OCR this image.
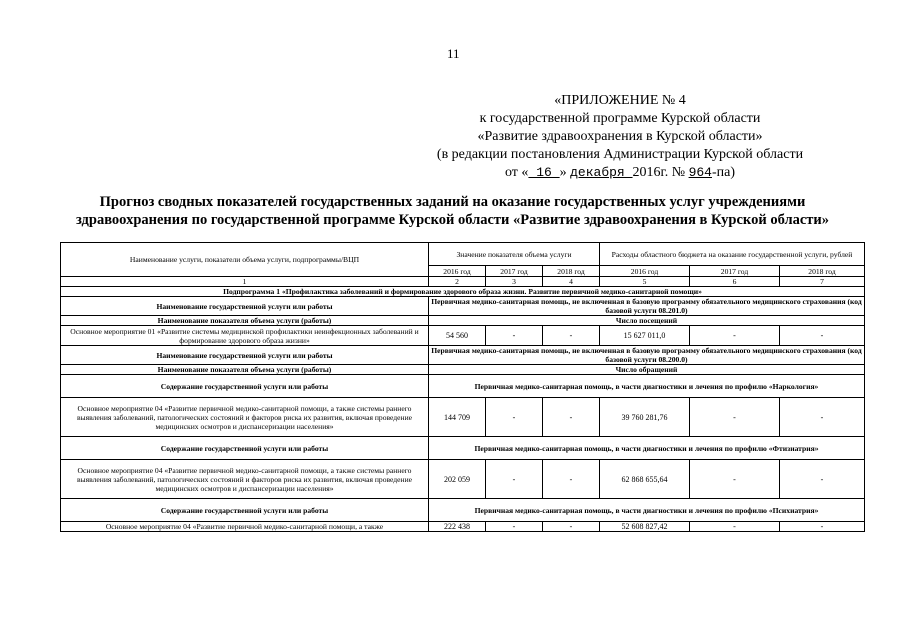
11
«ПРИЛОЖЕНИЕ № 4
к государственной программе Курской области
«Развитие здравоохранения в Курской области»
(в редакции постановления Администрации Курской области
от « 16 » декабря 2016г. № 964-па)
Прогноз сводных показателей государственных заданий на оказание государственных услуг учреждениями
здравоохранения по государственной программе Курской области «Развитие здравоохранения в Курской области»
Наименование услуги, показатели объема услуги, подпрограммы/ВЦП	Значение показателя объема услуги			Расходы областного бюджета на оказание государственной услуги, рублей		
	2016 год	2017 год	2018 год	2016 год	2017 год	2018 год
1	2	3	4	5	6	7
Подпрограмма 1 «Профилактика заболеваний и формирование здорового образа жизни. Развитие первичной медико-санитарной помощи»						
Наименование государственной услуги или работы	Первичная медико-санитарная помощь, не включенная в базовую программу обязательного медицинского страхования (код базовой услуги 08.201.0)					
Наименование показателя объема услуги (работы)	Число посещений					
Основное мероприятие 01 «Развитие системы медицинской профилактики неинфекционных заболеваний и формирование здорового образа жизни»	54 560	-	-	15 627 011,0	-	-
Наименование государственной услуги или работы	Первичная медико-санитарная помощь, не включенная в базовую программу обязательного медицинского страхования (код базовой услуги 08.200.0)					
Наименование показателя объема услуги (работы)	Число обращений					
Содержание государственной услуги или работы	Первичная медико-санитарная помощь, в части диагностики и лечения по профилю «Наркология»					
Основное мероприятие 04 «Развитие первичной медико-санитарной помощи, а также системы раннего выявления заболеваний, патологических состояний и факторов риска их развития, включая проведение медицинских осмотров и диспансеризации населения»	144 709	-	-	39 760 281,76	-	-
Содержание государственной услуги или работы	Первичная медико-санитарная помощь, в части диагностики и лечения по профилю «Фтизиатрия»					
Основное мероприятие 04 «Развитие первичной медико-санитарной помощи, а также системы раннего выявления заболеваний, патологических состояний и факторов риска их развития, включая проведение медицинских осмотров и диспансеризации населения»	202 059	-	-	62 868 655,64	-	-
Содержание государственной услуги или работы	Первичная медико-санитарная помощь, в части диагностики и лечения по профилю «Психиатрия»					
Основное мероприятие 04 «Развитие первичной медико-санитарной помощи, а также	222 438	-	-	52 608 827,42	-	-
